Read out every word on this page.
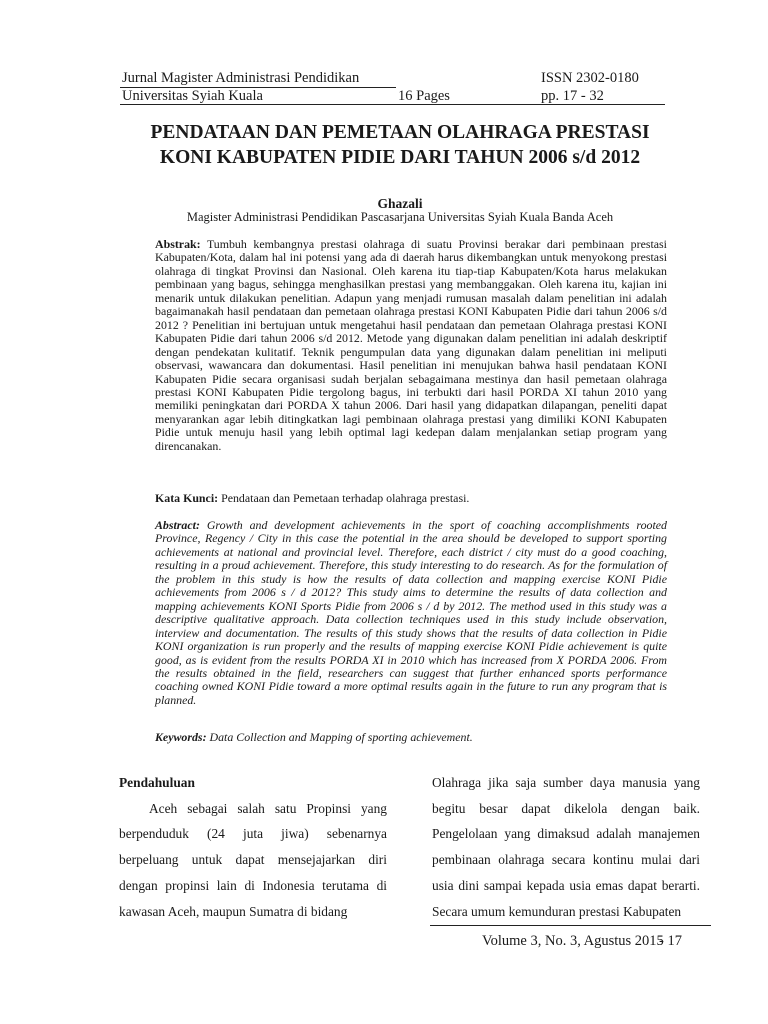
Jurnal Magister Administrasi Pendidikan	ISSN 2302-0180
Universitas Syiah Kuala	16 Pages	pp. 17 - 32
PENDATAAN DAN PEMETAAN OLAHRAGA PRESTASI
KONI KABUPATEN PIDIE DARI TAHUN 2006 s/d 2012
Ghazali
Magister Administrasi Pendidikan Pascasarjana Universitas Syiah Kuala Banda Aceh
Abstrak: Tumbuh kembangnya prestasi olahraga di suatu Provinsi berakar dari pembinaan prestasi Kabupaten/Kota, dalam hal ini potensi yang ada di daerah harus dikembangkan untuk menyokong prestasi olahraga di tingkat Provinsi dan Nasional. Oleh karena itu tiap-tiap Kabupaten/Kota harus melakukan pembinaan yang bagus, sehingga menghasilkan prestasi yang membanggakan. Oleh karena itu, kajian ini menarik untuk dilakukan penelitian. Adapun yang menjadi rumusan masalah dalam penelitian ini adalah bagaimanakah hasil pendataan dan pemetaan olahraga prestasi KONI Kabupaten Pidie dari tahun 2006 s/d 2012 ? Penelitian ini bertujuan untuk mengetahui hasil pendataan dan pemetaan Olahraga prestasi KONI Kabupaten Pidie dari tahun 2006 s/d 2012. Metode yang digunakan dalam penelitian ini adalah deskriptif dengan pendekatan kulitatif. Teknik pengumpulan data yang digunakan dalam penelitian ini meliputi observasi, wawancara dan dokumentasi. Hasil penelitian ini menujukan bahwa hasil pendataan KONI Kabupaten Pidie secara organisasi sudah berjalan sebagaimana mestinya dan hasil pemetaan olahraga prestasi KONI Kabupaten Pidie tergolong bagus, ini terbukti dari hasil PORDA XI tahun 2010 yang memiliki peningkatan dari PORDA X tahun 2006. Dari hasil yang didapatkan dilapangan, peneliti dapat menyarankan agar lebih ditingkatkan lagi pembinaan olahraga prestasi yang dimiliki KONI Kabupaten Pidie untuk menuju hasil yang lebih optimal lagi kedepan dalam menjalankan setiap program yang direncanakan.
Kata Kunci: Pendataan dan Pemetaan terhadap olahraga prestasi.
Abstract: Growth and development achievements in the sport of coaching accomplishments rooted Province, Regency / City in this case the potential in the area should be developed to support sporting achievements at national and provincial level. Therefore, each district / city must do a good coaching, resulting in a proud achievement. Therefore, this study interesting to do research. As for the formulation of the problem in this study is how the results of data collection and mapping exercise KONI Pidie achievements from 2006 s / d 2012? This study aims to determine the results of data collection and mapping achievements KONI Sports Pidie from 2006 s / d by 2012. The method used in this study was a descriptive qualitative approach. Data collection techniques used in this study include observation, interview and documentation. The results of this study shows that the results of data collection in Pidie KONI organization is run properly and the results of mapping exercise KONI Pidie achievement is quite good, as is evident from the results PORDA XI in 2010 which has increased from X PORDA 2006. From the results obtained in the field, researchers can suggest that further enhanced sports performance coaching owned KONI Pidie toward a more optimal results again in the future to run any program that is planned.
Keywords: Data Collection and Mapping of sporting achievement.
Pendahuluan
Aceh sebagai salah satu Propinsi yang berpenduduk (24 juta jiwa) sebenarnya berpeluang untuk dapat mensejajarkan diri dengan propinsi lain di Indonesia terutama di kawasan Aceh, maupun Sumatra di bidang
Olahraga jika saja sumber daya manusia yang begitu besar dapat dikelola dengan baik. Pengelolaan yang dimaksud adalah manajemen pembinaan olahraga secara kontinu mulai dari usia dini sampai kepada usia emas dapat berarti. Secara umum kemunduran prestasi Kabupaten
Volume 3, No. 3, Agustus 2015
- 17
